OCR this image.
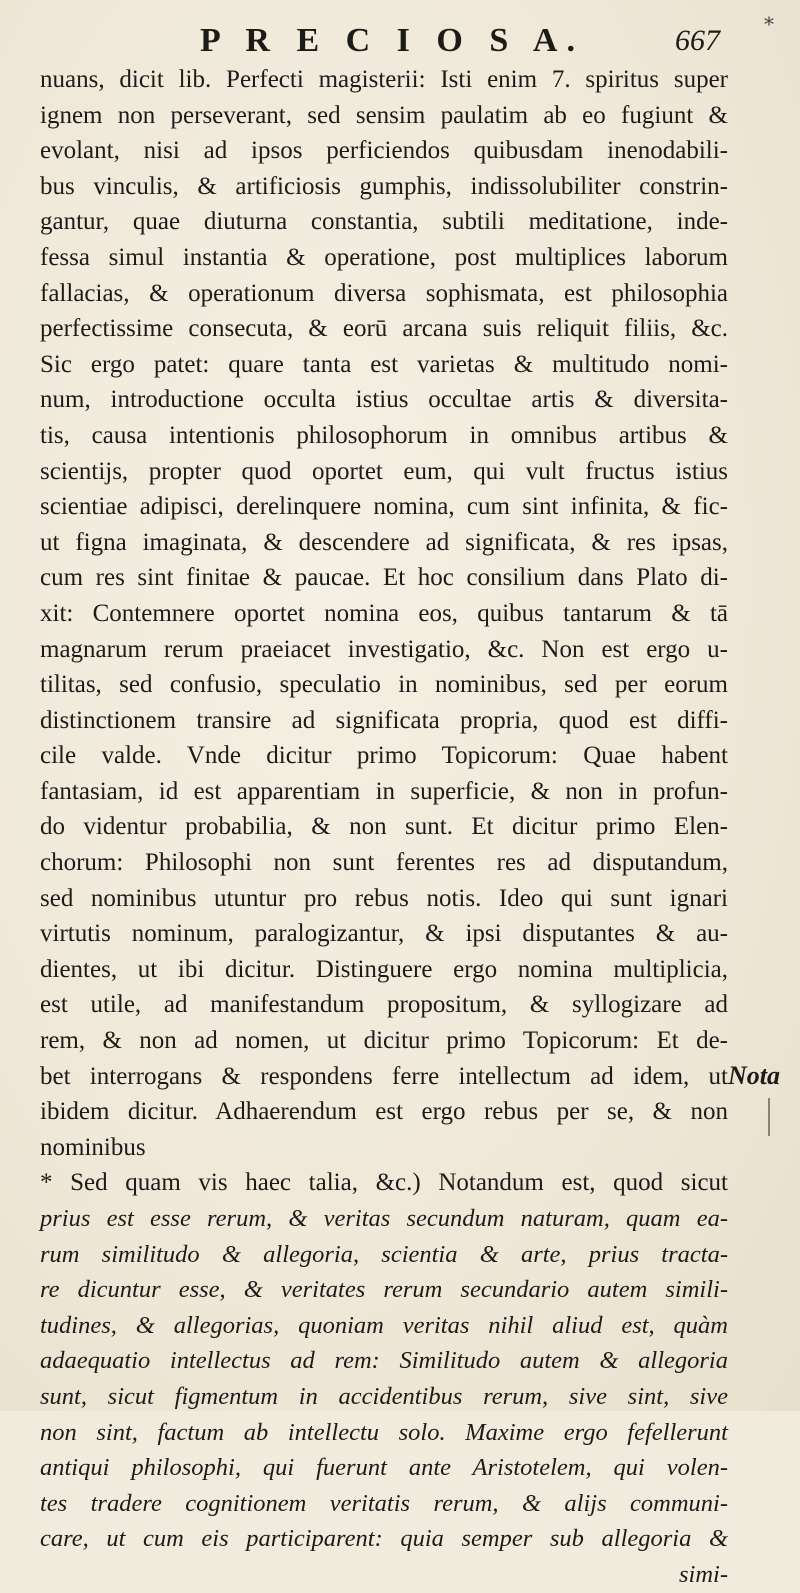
P R E C I O S A.	667 *
nuans, dicit lib. Perfecti magisterii: Isti enim 7. spiritus super
ignem non perseverant, sed sensim paulatim ab eo fugiunt &
evolant, nisi ad ipsos perficiendos quibusdam inenodabili-
bus vinculis, & artificiosis gumphis, indissolubiliter constrin-
gantur, quae diuturna constantia, subtili meditatione, inde-
fessa simul instantia & operatione, post multiplices laborum
fallacias, & operationum diversa sophismata, est philosophia
perfectissime consecuta, & eorū arcana suis reliquit filiis, &c.
Sic ergo patet: quare tanta est varietas & multitudo nomi-
num, introductione occulta istius occultae artis & diversita-
tis, causa intentionis philosophorum in omnibus artibus &
scientijs, propter quod oportet eum, qui vult fructus istius
scientiae adipisci, derelinquere nomina, cum sint infinita, & fic-
ut figna imaginata, & descendere ad significata, & res ipsas,
cum res sint finitae & paucae. Et hoc consilium dans Plato di-
xit: Contemnere oportet nomina eos, quibus tantarum & tā
magnarum rerum praeiacet investigatio, &c. Non est ergo u-
tilitas, sed confusio, speculatio in nominibus, sed per eorum
distinctionem transire ad significata propria, quod est diffi-
cile valde. Vnde dicitur primo Topicorum: Quae habent
fantasiam, id est apparentiam in superficie, & non in profun-
do videntur probabilia, & non sunt. Et dicitur primo Elen-
chorum: Philosophi non sunt ferentes res ad disputandum,
sed nominibus utuntur pro rebus notis. Ideo qui sunt ignari
virtutis nominum, paralogizantur, & ipsi disputantes & au-
dientes, ut ibi dicitur. Distinguere ergo nomina multiplicia,
est utile, ad manifestandum propositum, & syllogizare ad
rem, & non ad nomen, ut dicitur primo Topicorum: Et de-
bet interrogans & respondens ferre intellectum ad idem, ut
ibidem dicitur. Adhaerendum est ergo rebus per se, & non
nominibus
* Sed quam vis haec talia, &c.) Notandum est, quod sicut
prius est esse rerum, & veritas secundum naturam, quam ea-
rum similitudo & allegoria, scientia & arte, prius tracta-
re dicuntur esse, & veritates rerum secundario autem simili-
tudines, & allegorias, quoniam veritas nihil aliud est, quàm
adaequatio intellectus ad rem: Similitudo autem & allegoria
sunt, sicut figmentum in accidentibus rerum, sive sint, sive
non sint, factum ab intellectu solo. Maxime ergo fefellerunt
antiqui philosophi, qui fuerunt ante Aristotelem, qui volen-
tes tradere cognitionem veritatis rerum, & alijs communi-
care, ut cum eis participarent: quia semper sub allegoria &
simi-
Nota
